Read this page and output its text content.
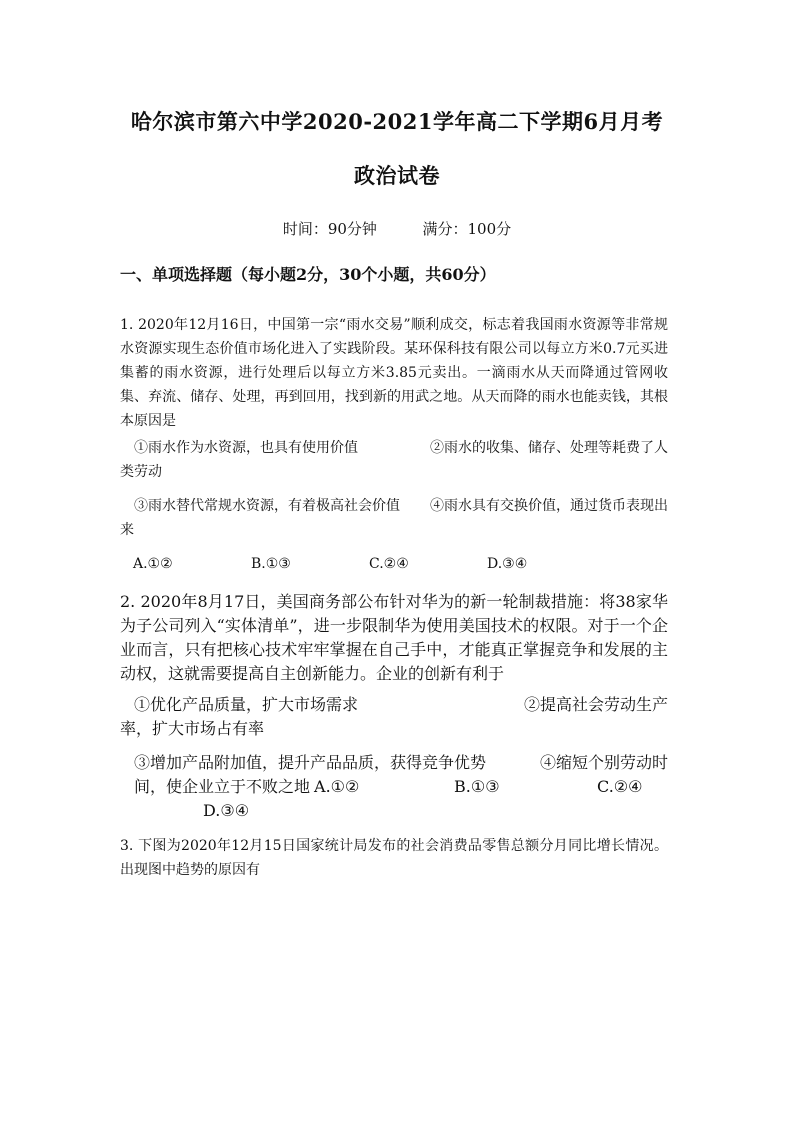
哈尔滨市第六中学2020-2021学年高二下学期6月月考
政治试卷
时间：90分钟	满分：100分
一、单项选择题（每小题2分，30个小题，共60分）
1. 2020年12月16日，中国第一宗“雨水交易”顺利成交，标志着我国雨水资源等非常规水资源实现生态价值市场化进入了实践阶段。某环保科技有限公司以每立方米0.7元买进集蓄的雨水资源，进行处理后以每立方米3.85元卖出。一滴雨水从天而降通过管网收集、弃流、储存、处理，再到回用，找到新的用武之地。从天而降的雨水也能卖钱，其根本原因是
①雨水作为水资源，也具有使用价值	②雨水的收集、储存、处理等耗费了人
类劳动
③雨水替代常规水资源，有着极高社会价值 ④雨水具有交换价值，通过货币表现出
来
A.①②	B.①③	C.②④	D.③④
2. 2020年8月17日，美国商务部公布针对华为的新一轮制裁措施：将38家华为子公司列入“实体清单”，进一步限制华为使用美国技术的权限。对于一个企业而言，只有把核心技术牢牢掌握在自己手中，才能真正掌握竞争和发展的主动权，这就需要提高自主创新能力。企业的创新有利于
①优化产品质量，扩大市场需求	②提高社会劳动生产
率，扩大市场占有率
③增加产品附加值，提升产品品质，获得竞争优势	④缩短个别劳动时
间，使企业立于不败之地 A.①②	B.①③	C.②④
D.③④
3. 下图为2020年12月15日国家统计局发布的社会消费品零售总额分月同比增长情况。出现图中趋势的原因有
